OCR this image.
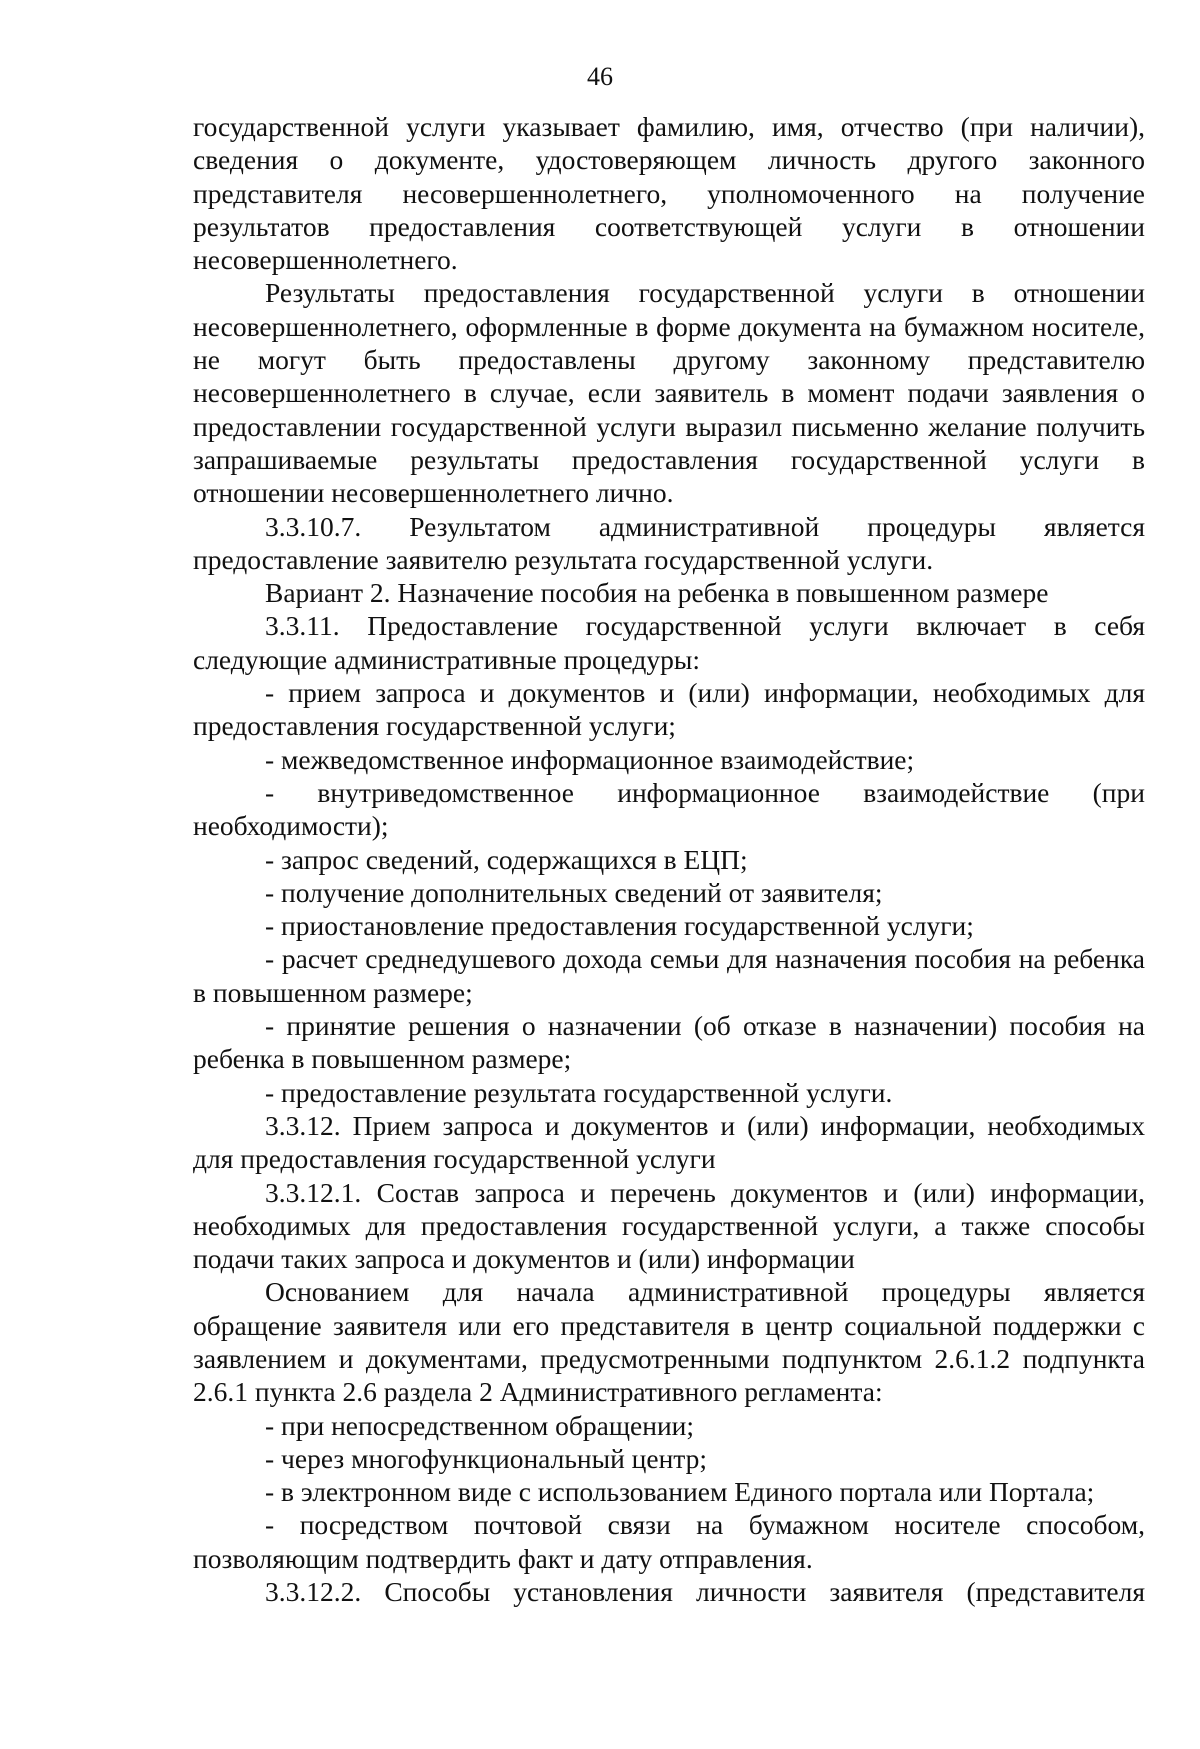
46

государственной услуги указывает фамилию, имя, отчество (при наличии), сведения о документе, удостоверяющем личность другого законного представителя несовершеннолетнего, уполномоченного на получение результатов предоставления соответствующей услуги в отношении несовершеннолетнего.

Результаты предоставления государственной услуги в отношении несовершеннолетнего, оформленные в форме документа на бумажном носителе, не могут быть предоставлены другому законному представителю несовершеннолетнего в случае, если заявитель в момент подачи заявления о предоставлении государственной услуги выразил письменно желание получить запрашиваемые результаты предоставления государственной услуги в отношении несовершеннолетнего лично.

3.3.10.7. Результатом административной процедуры является предоставление заявителю результата государственной услуги.

Вариант 2. Назначение пособия на ребенка в повышенном размере

3.3.11. Предоставление государственной услуги включает в себя следующие административные процедуры:

- прием запроса и документов и (или) информации, необходимых для предоставления государственной услуги;

- межведомственное информационное взаимодействие;

- внутриведомственное информационное взаимодействие (при необходимости);

- запрос сведений, содержащихся в ЕЦП;

- получение дополнительных сведений от заявителя;

- приостановление предоставления государственной услуги;

- расчет среднедушевого дохода семьи для назначения пособия на ребенка в повышенном размере;

- принятие решения о назначении (об отказе в назначении) пособия на ребенка в повышенном размере;

- предоставление результата государственной услуги.

3.3.12. Прием запроса и документов и (или) информации, необходимых для предоставления государственной услуги

3.3.12.1. Состав запроса и перечень документов и (или) информации, необходимых для предоставления государственной услуги, а также способы подачи таких запроса и документов и (или) информации

Основанием для начала административной процедуры является обращение заявителя или его представителя в центр социальной поддержки с заявлением и документами, предусмотренными подпунктом 2.6.1.2 подпункта 2.6.1 пункта 2.6 раздела 2 Административного регламента:

- при непосредственном обращении;

- через многофункциональный центр;

- в электронном виде с использованием Единого портала или Портала;

- посредством почтовой связи на бумажном носителе способом, позволяющим подтвердить факт и дату отправления.

3.3.12.2. Способы установления личности заявителя (представителя
